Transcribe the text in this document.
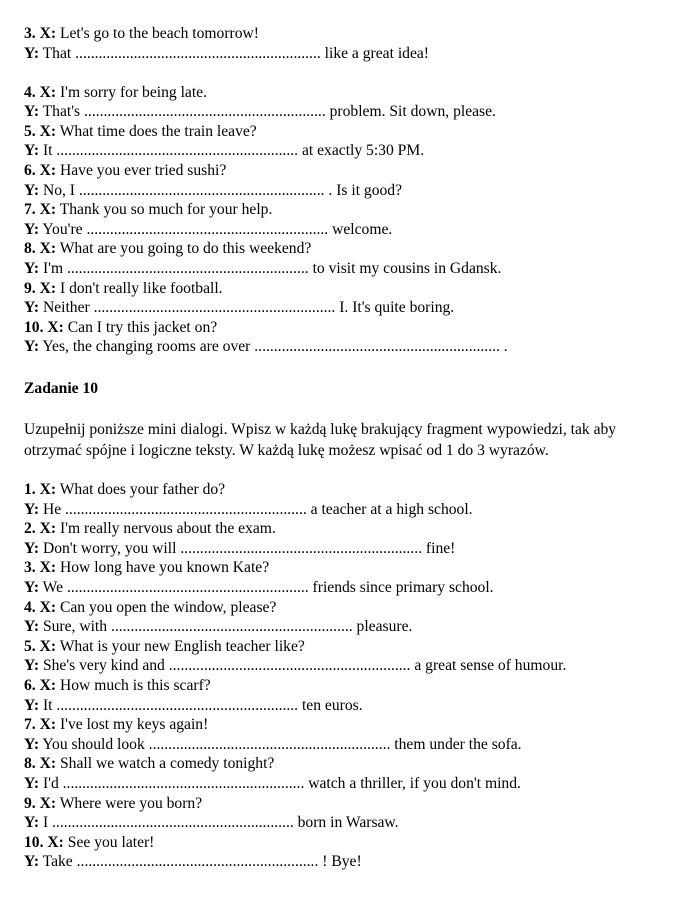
3. X: Let's go to the beach tomorrow!
Y: That ............................................................... like a great idea!
4. X: I'm sorry for being late.
Y: That's .............................................................. problem. Sit down, please.
5. X: What time does the train leave?
Y: It .............................................................. at exactly 5:30 PM.
6. X: Have you ever tried sushi?
Y: No, I ............................................................... . Is it good?
7. X: Thank you so much for your help.
Y: You're .............................................................. welcome.
8. X: What are you going to do this weekend?
Y: I'm .............................................................. to visit my cousins in Gdansk.
9. X: I don't really like football.
Y: Neither .............................................................. I. It's quite boring.
10. X: Can I try this jacket on?
Y: Yes, the changing rooms are over ............................................................... .
Zadanie 10
Uzupełnij poniższe mini dialogi. Wpisz w każdą lukę brakujący fragment wypowiedzi, tak aby otrzymać spójne i logiczne teksty. W każdą lukę możesz wpisać od 1 do 3 wyrazów.
1. X: What does your father do?
Y: He .............................................................. a teacher at a high school.
2. X: I'm really nervous about the exam.
Y: Don't worry, you will .............................................................. fine!
3. X: How long have you known Kate?
Y: We .............................................................. friends since primary school.
4. X: Can you open the window, please?
Y: Sure, with .............................................................. pleasure.
5. X: What is your new English teacher like?
Y: She's very kind and .............................................................. a great sense of humour.
6. X: How much is this scarf?
Y: It .............................................................. ten euros.
7. X: I've lost my keys again!
Y: You should look .............................................................. them under the sofa.
8. X: Shall we watch a comedy tonight?
Y: I'd .............................................................. watch a thriller, if you don't mind.
9. X: Where were you born?
Y: I .............................................................. born in Warsaw.
10. X: See you later!
Y: Take .............................................................. ! Bye!
